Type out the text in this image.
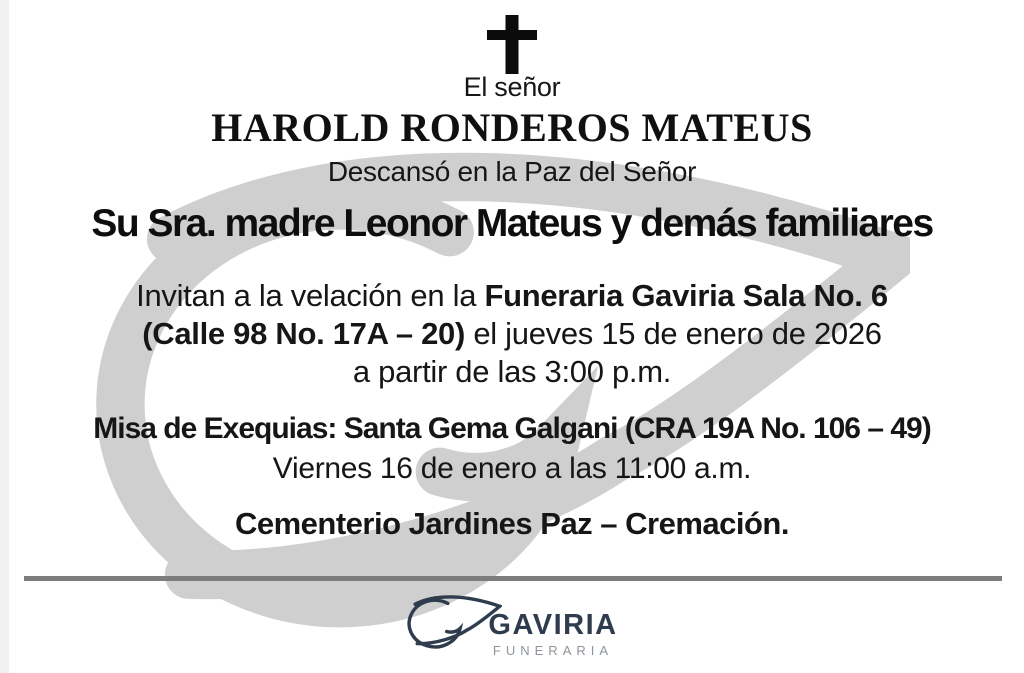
El señor
HAROLD RONDEROS MATEUS
Descansó en la Paz del Señor
Su Sra. madre Leonor Mateus y demás familiares
Invitan a la velación en la Funeraria Gaviria Sala No. 6
(Calle 98 No. 17A – 20) el jueves 15 de enero de 2026
a partir de las 3:00 p.m.
Misa de Exequias: Santa Gema Galgani (CRA 19A No. 106 – 49)
Viernes 16 de enero a las 11:00 a.m.
Cementerio Jardines Paz – Cremación.
GAVIRIA
FUNERARIA
